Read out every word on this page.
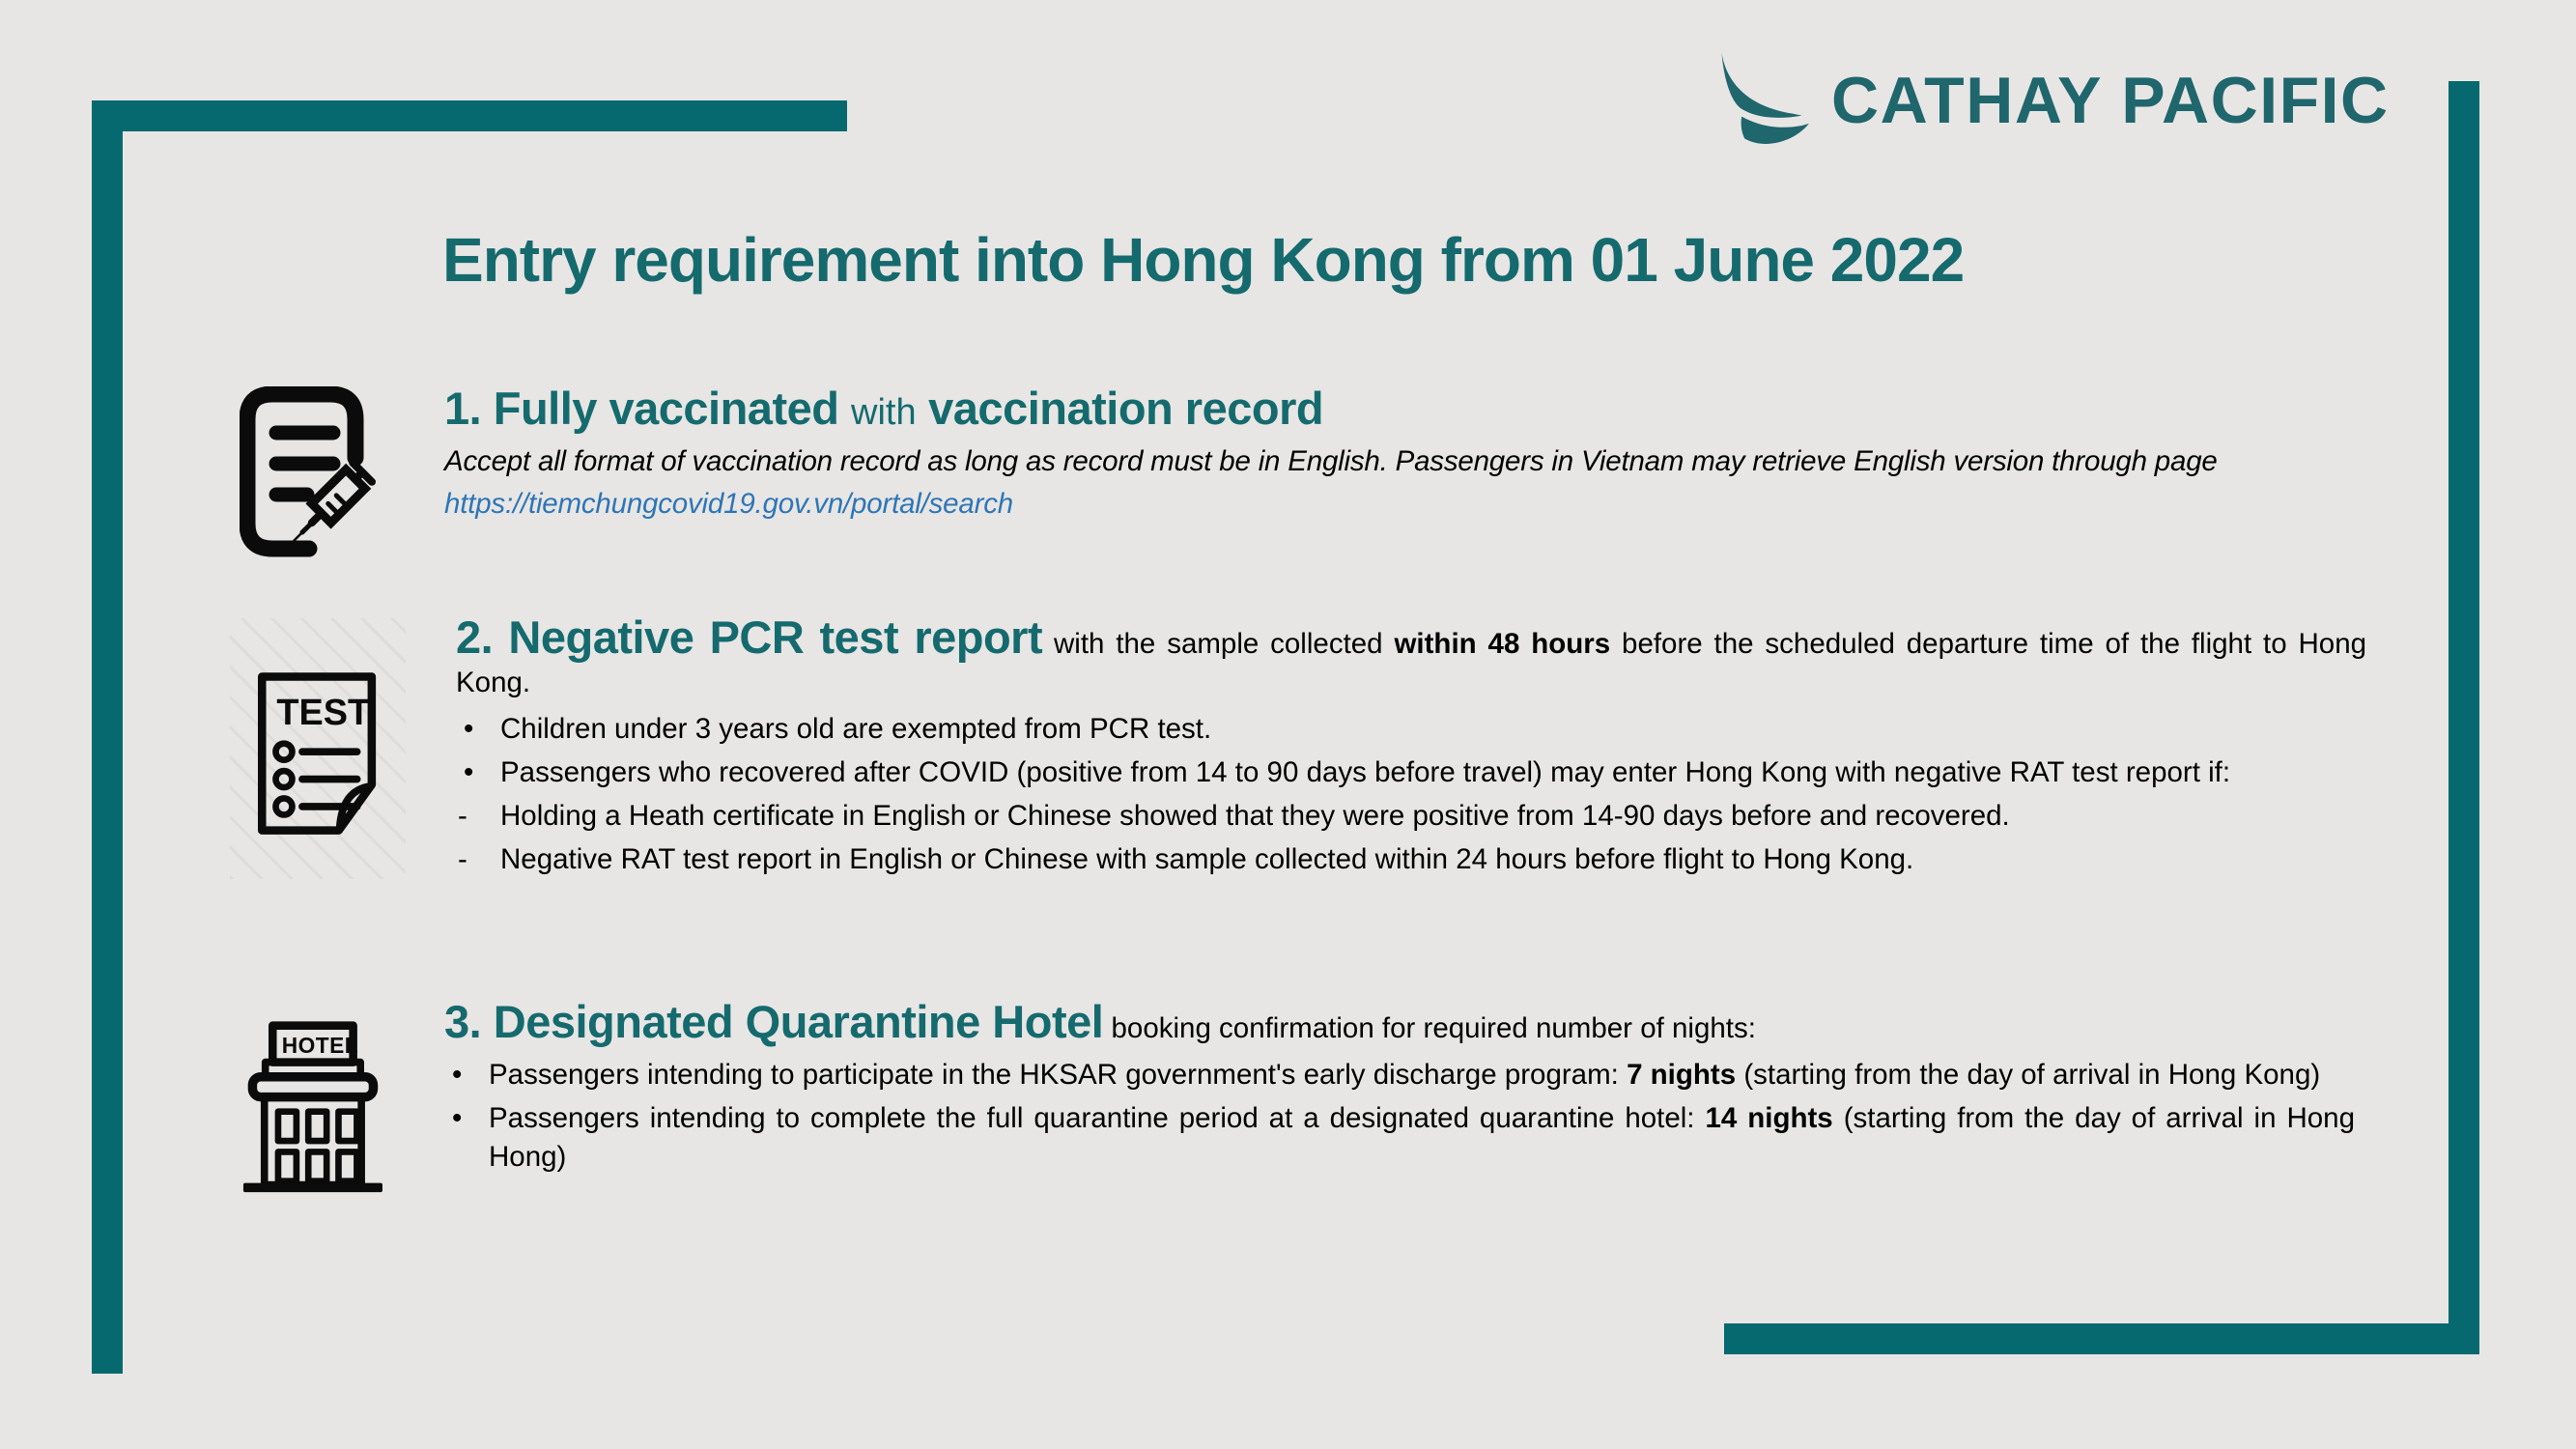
CATHAY PACIFIC
Entry requirement into Hong Kong from 01 June 2022
1. Fully vaccinated with vaccination record
Accept all format of vaccination record as long as record must be in English. Passengers in Vietnam may retrieve English version through page
https://tiemchungcovid19.gov.vn/portal/search
TEST
2. Negative PCR test report with the sample collected within 48 hours before the scheduled departure time of the flight to Hong Kong.
• Children under 3 years old are exempted from PCR test.
• Passengers who recovered after COVID (positive from 14 to 90 days before travel) may enter Hong Kong with negative RAT test report if:
- Holding a Heath certificate in English or Chinese showed that they were positive from 14-90 days before and recovered.
- Negative RAT test report in English or Chinese with sample collected within 24 hours before flight to Hong Kong.
HOTEL 3. Designated Quarantine Hotel booking confirmation for required number of nights:
• Passengers intending to participate in the HKSAR government's early discharge program: 7 nights (starting from the day of arrival in Hong Kong)
• Passengers intending to complete the full quarantine period at a designated quarantine hotel: 14 nights (starting from the day of arrival in Hong Hong)
